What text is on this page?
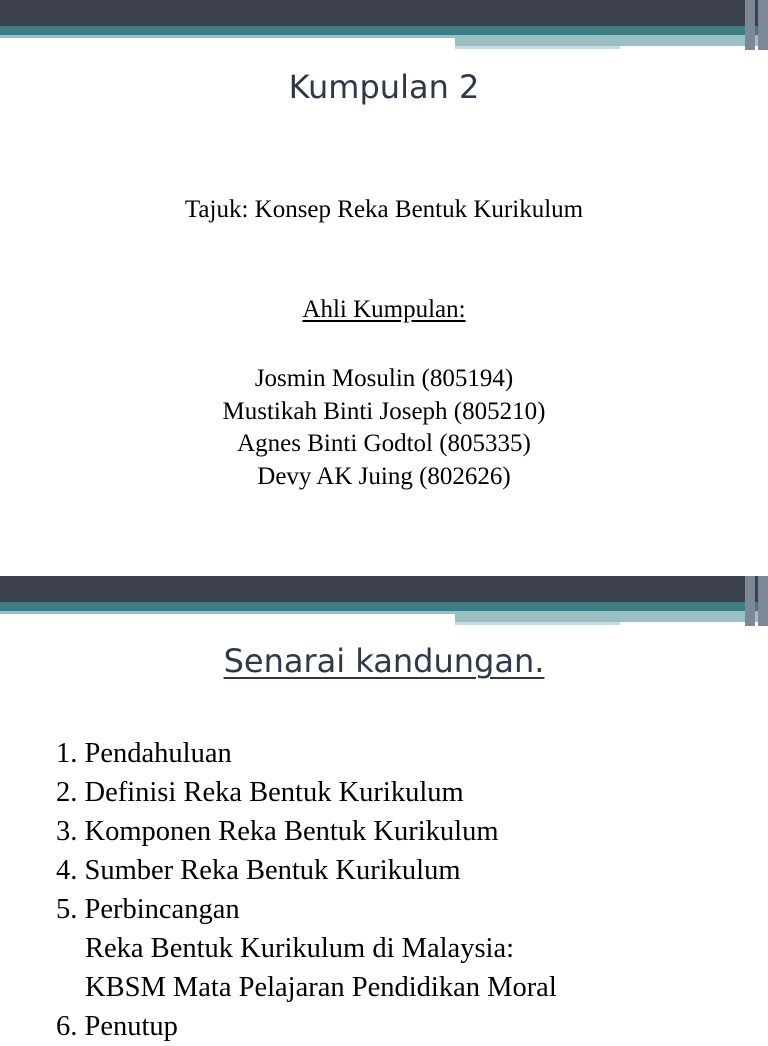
Kumpulan 2
Tajuk: Konsep Reka Bentuk Kurikulum
Ahli Kumpulan:
Josmin Mosulin (805194)
Mustikah Binti Joseph (805210)
Agnes Binti Godtol (805335)
Devy AK Juing (802626)
Senarai kandungan.
1. Pendahuluan
2. Definisi Reka Bentuk Kurikulum
3. Komponen Reka Bentuk Kurikulum
4. Sumber Reka Bentuk Kurikulum
5. Perbincangan
Reka Bentuk Kurikulum di Malaysia:
KBSM Mata Pelajaran Pendidikan Moral
6. Penutup
